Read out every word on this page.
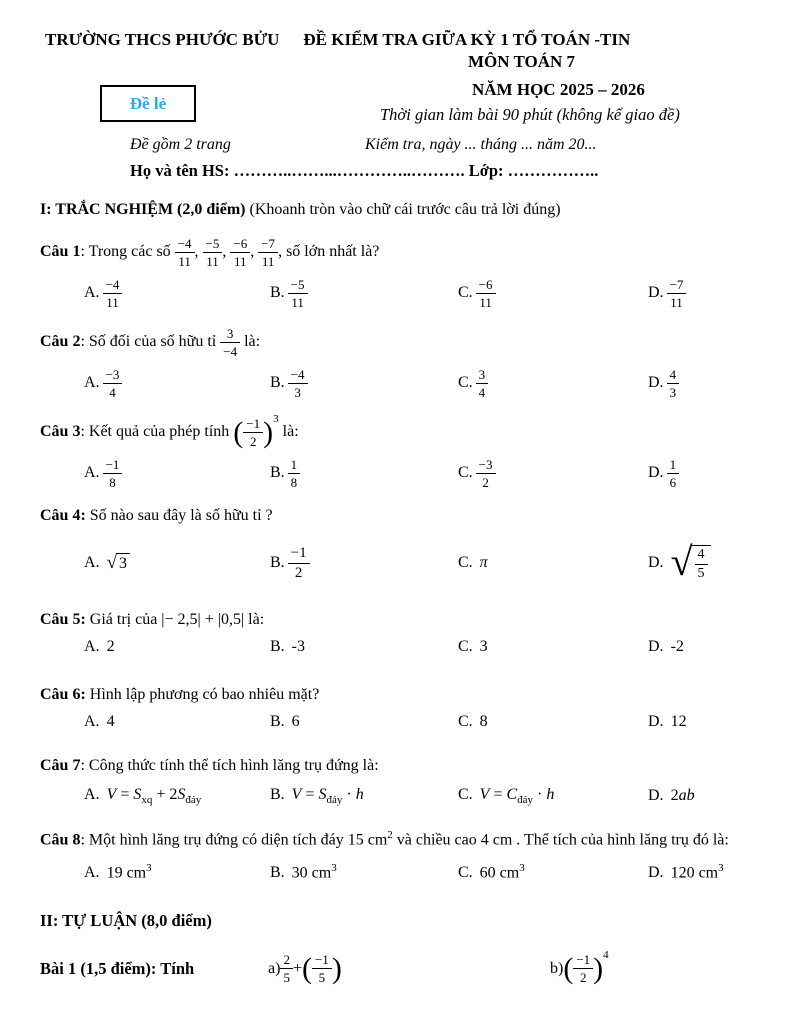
TRƯỜNG THCS PHƯỚC BỬU ĐỀ KIỂM TRA GIỮA KỲ 1 TỔ TOÁN -TIN
MÔN TOÁN 7
Đề lẻ
NĂM HỌC 2025 – 2026
Thời gian làm bài 90 phút (không kể giao đề)
Đề gồm 2 trang	Kiểm tra, ngày ... tháng ... năm 20...
Họ và tên HS: ………..……...…………..………. Lớp: ……………..
I: TRẮC NGHIỆM (2,0 điểm) (Khoanh tròn vào chữ cái trước câu trả lời đúng)
Câu 1: Trong các số $\frac{-4}{11}$ , $\frac{-5}{11}$ , $\frac{-6}{11}$ , $\frac{-7}{11}$ , số lớn nhất là?
A. $\frac{-4}{11}$	B. $\frac{-5}{11}$	C. $\frac{-6}{11}$	D. $\frac{-7}{11}$
Câu 2: Số đối của số hữu tỉ $\frac{3}{-4}$ là:
A. $\frac{-3}{4}$	B. $\frac{-4}{3}$	C. $\frac{3}{4}$	D. $\frac{4}{3}$
Câu 3: Kết quả của phép tính ( −1
2 ) 3
là:
A. $\frac{-1}{8}$	B. $\frac{1}{8}$	C. $\frac{-3}{2}$	D. $\frac{1}{6}$
Câu 4: Số nào sau đây là số hữu tỉ ?
A. √ 3	B. $\frac{-1}{2}$	C. π	D. √ $\frac{4}{5}$
Câu 5: Giá trị của |− 2,5| + |0,5| là:
A. 2	B. -3	C. 3	D. -2
Câu 6: Hình lập phương có bao nhiêu mặt?
A. 4	B. 6	C. 8	D. 12
Câu 7: Công thức tính thể tích hình lăng trụ đứng là:
A. $V = S_{xq} + 2S_{đáy}$	B. $V = S_{đáy} \cdot h$	C. $V = C_{đáy} \cdot h$	D. 2ab
Câu 8: Một hình lăng trụ đứng có diện tích đáy 15 $cm^2$ và chiều cao 4 cm . Thể tích của hình lăng trụ đó là:
A. 19 $cm^3$	B. 30 $cm^3$	C. 60 $cm^3$	D. 120 $cm^3$
II: TỰ LUẬN (8,0 điểm)
Bài 1 (1,5 điểm): Tính	a) 2
5
+ ( −1
5 )	b) ( −1
2 ) 4
